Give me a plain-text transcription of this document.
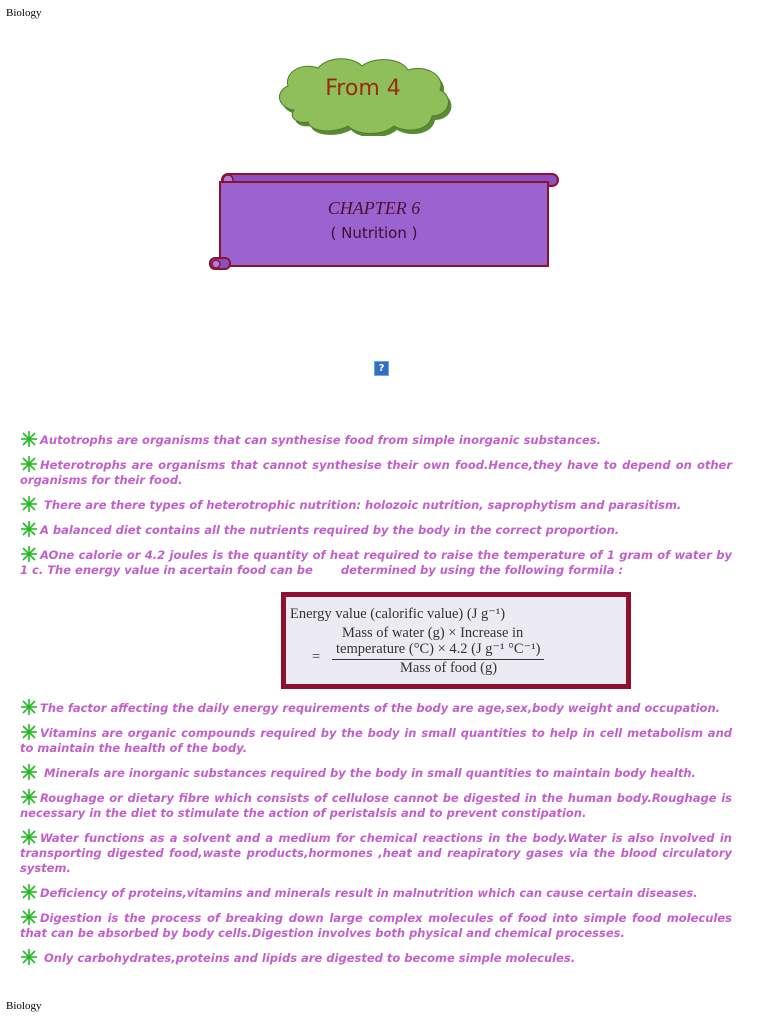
Biology
From 4
CHAPTER 6
( Nutrition )
?
Autotrophs are organisms that can synthesise food from simple inorganic substances.
Heterotrophs are organisms that cannot synthesise their own food.Hence,they have to depend on other organisms for their food.
There are there types of heterotrophic nutrition: holozoic nutrition, saprophytism and parasitism.
A balanced diet contains all the nutrients required by the body in the correct proportion.
AOne calorie or 4.2 joules is the quantity of heat required to raise the temperature of 1 gram of water by 1 c. The energy value in acertain food can be       determined by using the following formila :
Energy value (calorific value) (J g⁻¹)
Mass of water (g) × Increase in
= temperature (°C) × 4.2 (J g⁻¹ °C⁻¹)
Mass of food (g)
The factor affecting the daily energy requirements of the body are age,sex,body weight and occupation.
Vitamins are organic compounds required by the body in small quantities to help in cell metabolism and to maintain the health of the body.
Minerals are inorganic substances required by the body in small quantities to maintain body health.
Roughage or dietary fibre which consists of cellulose cannot be digested in the human body.Roughage is necessary in the diet to stimulate the action of peristalsis and to prevent constipation.
Water functions as a solvent and a medium for chemical reactions in the body.Water is also involved in transporting digested food,waste products,hormones ,heat and reapiratory gases via the blood circulatory system.
Deficiency of proteins,vitamins and minerals result in malnutrition which can cause certain diseases.
Digestion is the process of breaking down large complex molecules of food into simple food molecules that can be absorbed by body cells.Digestion involves both physical and chemical processes.
Only carbohydrates,proteins and lipids are digested to become simple molecules.
Biology
